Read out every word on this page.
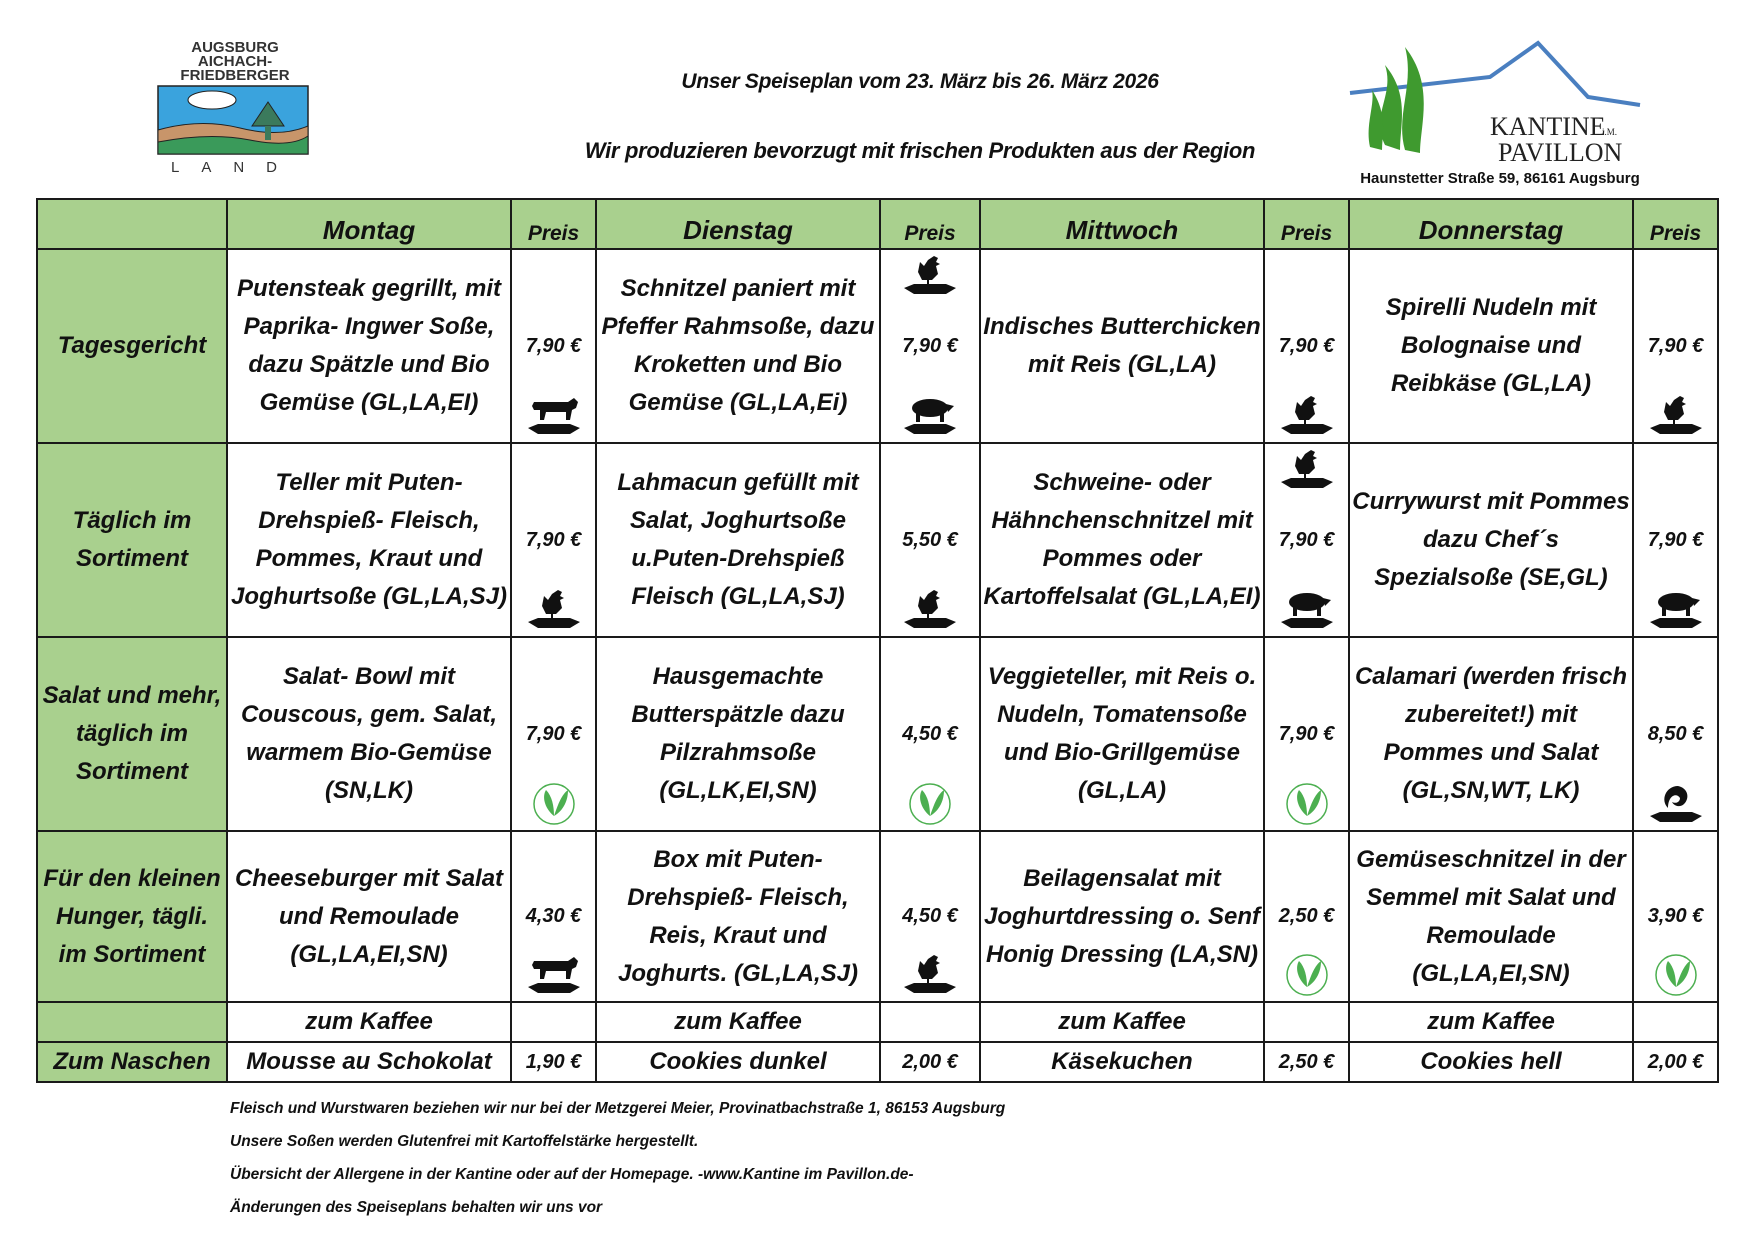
AUGSBURG
AICHACH-
FRIEDBERGER
LAND
Unser Speiseplan vom 23. März bis 26. März 2026
Wir produzieren bevorzugt mit frischen Produkten aus der Region
KANTINE
i.M.
PAVILLON
Haunstetter Straße 59, 86161 Augsburg
	Montag	Preis	Dienstag	Preis	Mittwoch	Preis	Donnerstag	Preis
Tagesgericht	Putensteak gegrillt, mit Paprika- Ingwer Soße, dazu Spätzle und Bio Gemüse (GL,LA,EI)	7,90 €	Schnitzel paniert mit Pfeffer Rahmsoße, dazu Kroketten und Bio Gemüse (GL,LA,Ei)	7,90 €	Indisches Butterchicken mit Reis (GL,LA)	7,90 €	Spirelli Nudeln mit Bolognaise und Reibkäse (GL,LA)	7,90 €

Täglich im Sortiment	Teller mit Puten- Drehspieß- Fleisch, Pommes, Kraut und Joghurtsoße (GL,LA,SJ)	7,90 €	Lahmacun gefüllt mit Salat, Joghurtsoße u.Puten-Drehspieß Fleisch (GL,LA,SJ)	5,50 €	Schweine- oder Hähnchenschnitzel mit Pommes oder Kartoffelsalat (GL,LA,EI)	7,90 €	Currywurst mit Pommes dazu Chef´s Spezialsoße (SE,GL)	7,90 €

Salat und mehr, täglich im Sortiment	Salat- Bowl mit Couscous, gem. Salat, warmem Bio-Gemüse (SN,LK)	7,90 €	Hausgemachte Butterspätzle dazu Pilzrahmsoße (GL,LK,EI,SN)	4,50 €	Veggieteller, mit Reis o. Nudeln, Tomatensoße und Bio-Grillgemüse (GL,LA)	7,90 €	Calamari (werden frisch zubereitet!) mit Pommes und Salat (GL,SN,WT, LK)	8,50 €

Für den kleinen Hunger, tägli. im Sortiment	Cheeseburger mit Salat und Remoulade (GL,LA,EI,SN)	4,30 €	Box mit Puten- Drehspieß- Fleisch, Reis, Kraut und Joghurts. (GL,LA,SJ)	4,50 €	Beilagensalat mit Joghurtdressing o. Senf Honig Dressing (LA,SN)	2,50 €	Gemüseschnitzel in der Semmel mit Salat und Remoulade (GL,LA,EI,SN)	3,90 €

	zum Kaffee		zum Kaffee		zum Kaffee		zum Kaffee	
Zum Naschen	Mousse au Schokolat	1,90 €	Cookies dunkel	2,00 €	Käsekuchen	2,50 €	Cookies hell	2,00 €
Fleisch und Wurstwaren beziehen wir nur bei der Metzgerei Meier, Provinatbachstraße 1, 86153 Augsburg
Unsere Soßen werden Glutenfrei mit Kartoffelstärke hergestellt.
Übersicht der Allergene in der Kantine oder auf der Homepage. -www.Kantine im Pavillon.de-
Änderungen des Speiseplans behalten wir uns vor
